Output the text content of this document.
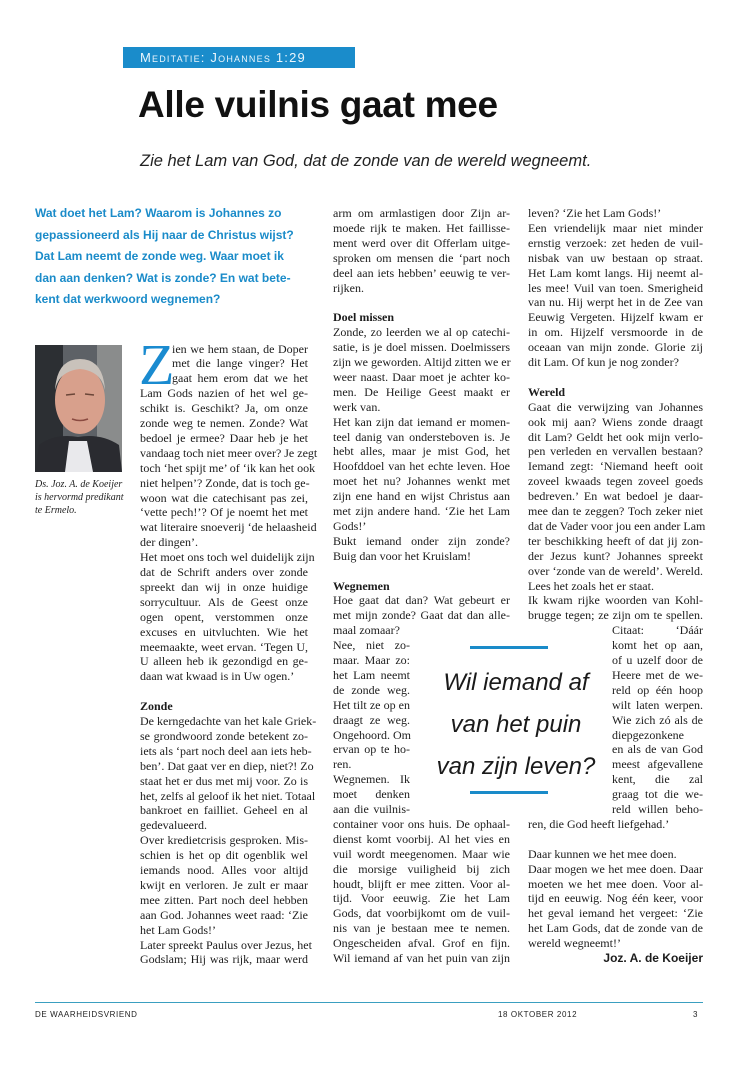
Meditatie: Johannes 1:29
Alle vuilnis gaat mee
Zie het Lam van God, dat de zonde van de wereld wegneemt.
Wat doet het Lam? Waarom is Johannes zo
gepassioneerd als Hij naar de Christus wijst?
Dat Lam neemt de zonde weg. Waar moet ik
dan aan denken? Wat is zonde? En wat bete-
kent dat werkwoord wegnemen?
Ds. Joz. A. de Koeijer
is hervormd predikant
te Ermelo.
Z
ien we hem staan, de Doper
met die lange vinger? Het
gaat hem erom dat we het
Lam Gods nazien of het wel ge-
schikt is. Geschikt? Ja, om onze
zonde weg te nemen. Zonde? Wat
bedoel je ermee? Daar heb je het
vandaag toch niet meer over? Je zegt
toch ‘het spijt me’ of ‘ik kan het ook
niet helpen’? Zonde, dat is toch ge-
woon wat die catechisant pas zei,
‘vette pech!’? Of je noemt het met
wat literaire snoeverij ‘de helaasheid
der dingen’.
Het moet ons toch wel duidelijk zijn
dat de Schrift anders over zonde
spreekt dan wij in onze huidige
sorrycultuur. Als de Geest onze
ogen opent, verstommen onze
excuses en uitvluchten. Wie het
meemaakte, weet ervan. ‘Tegen U,
U alleen heb ik gezondigd en ge-
daan wat kwaad is in Uw ogen.’
Zonde
De kerngedachte van het kale Griek-
se grondwoord zonde betekent zo-
iets als ‘part noch deel aan iets heb-
ben’. Dat gaat ver en diep, niet?! Zo
staat het er dus met mij voor. Zo is
het, zelfs al geloof ik het niet. Totaal
bankroet en failliet. Geheel en al
gedevalueerd.
Over kredietcrisis gesproken. Mis-
schien is het op dit ogenblik wel
iemands nood. Alles voor altijd
kwijt en verloren. Je zult er maar
mee zitten. Part noch deel hebben
aan God. Johannes weet raad: ‘Zie
het Lam Gods!’
Later spreekt Paulus over Jezus, het
Godslam; Hij was rijk, maar werd
arm om armlastigen door Zijn ar-
moede rijk te maken. Het faillisse-
ment werd over dit Offerlam uitge-
sproken om mensen die ‘part noch
deel aan iets hebben’ eeuwig te ver-
rijken.
Doel missen
Zonde, zo leerden we al op catechi-
satie, is je doel missen. Doelmissers
zijn we geworden. Altijd zitten we er
weer naast. Daar moet je achter ko-
men. De Heilige Geest maakt er
werk van.
Het kan zijn dat iemand er momen-
teel danig van ondersteboven is. Je
hebt alles, maar je mist God, het
Hoofddoel van het echte leven. Hoe
moet het nu? Johannes wenkt met
zijn ene hand en wijst Christus aan
met zijn andere hand. ‘Zie het Lam
Gods!’
Bukt iemand onder zijn zonde?
Buig dan voor het Kruislam!
Wegnemen
Hoe gaat dat dan? Wat gebeurt er
met mijn zonde? Gaat dat dan alle-
maal zomaar?
Nee, niet zo-
maar. Maar zo:
het Lam neemt
de zonde weg.
Het tilt ze op en
draagt ze weg.
Ongehoord. Om
ervan op te ho-
ren.
Wegnemen. Ik
moet denken
aan die vuilnis-
container voor ons huis. De ophaal-
dienst komt voorbij. Al het vies en
vuil wordt meegenomen. Maar wie
die morsige vuiligheid bij zich
houdt, blijft er mee zitten. Voor al-
tijd. Voor eeuwig. Zie het Lam
Gods, dat voorbijkomt om de vuil-
nis van je bestaan mee te nemen.
Ongescheiden afval. Grof en fijn.
Wil iemand af van het puin van zijn
leven? ‘Zie het Lam Gods!’
Een vriendelijk maar niet minder
ernstig verzoek: zet heden de vuil-
nisbak van uw bestaan op straat.
Het Lam komt langs. Hij neemt al-
les mee! Vuil van toen. Smerigheid
van nu. Hij werpt het in de Zee van
Eeuwig Vergeten. Hijzelf kwam er
in om. Hijzelf versmoorde in de
oceaan van mijn zonde. Glorie zij
dit Lam. Of kun je nog zonder?
Wereld
Gaat die verwijzing van Johannes
ook mij aan? Wiens zonde draagt
dit Lam? Geldt het ook mijn verlo-
pen verleden en vervallen bestaan?
Iemand zegt: ‘Niemand heeft ooit
zoveel kwaads tegen zoveel goeds
bedreven.’ En wat bedoel je daar-
mee dan te zeggen? Toch zeker niet
dat de Vader voor jou een ander Lam
ter beschikking heeft of dat jij zon-
der Jezus kunt? Johannes spreekt
over ‘zonde van de wereld’. Wereld.
Lees het zoals het er staat.
Ik kwam rijke woorden van Kohl-
brugge tegen; ze zijn om te spellen.
Citaat: ‘Dáár
komt het op aan,
of u uzelf door de
Heere met de we-
reld op één hoop
wilt laten werpen.
Wie zich zó als de
diepgezonkene
en als de van God
meest afgevallene
kent, die zal
graag tot die we-
reld willen beho-
ren, die God heeft liefgehad.’
Daar kunnen we het mee doen.
Daar mogen we het mee doen. Daar
moeten we het mee doen. Voor al-
tijd en eeuwig. Nog één keer, voor
het geval iemand het vergeet: ‘Zie
het Lam Gods, dat de zonde van de
wereld wegneemt!’
Wil iemand af
van het puin
van zijn leven?
Joz. A. de Koeijer
DE WAARHEIDSVRIEND	18 OKTOBER 2012	3
